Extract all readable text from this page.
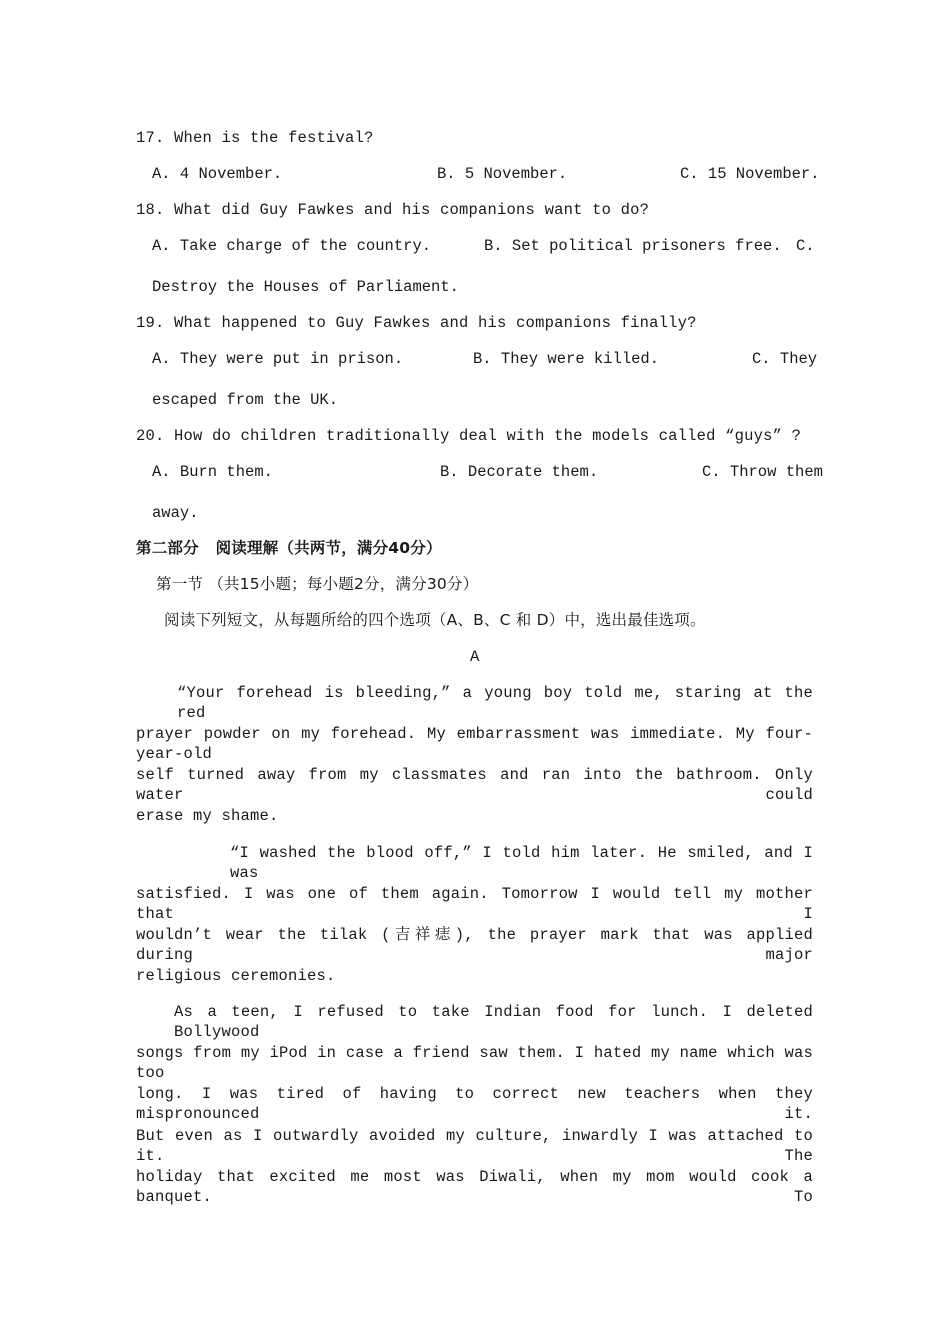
17. When is the festival?
A. 4 November.	B. 5 November.	C. 15 November.
18. What did Guy Fawkes and his companions want to do?
A. Take charge of the country.	B. Set political prisoners free. C.
Destroy the Houses of Parliament.
19. What happened to Guy Fawkes and his companions finally?
A. They were put in prison.	B. They were killed.	C. They
escaped from the UK.
20. How do children traditionally deal with the models called “guys” ?
A. Burn them.	B. Decorate them.	C. Throw them
away.
第二部分   阅读理解（共两节，满分40分）
第一节 （共15小题；每小题2分，满分30分）
阅读下列短文，从每题所给的四个选项（A、B、C 和 D）中，选出最佳选项。
A
“Your forehead is bleeding,” a young boy told me, staring at the red
prayer powder on my forehead. My embarrassment was immediate. My four-year-old
self turned away from my classmates and ran into the bathroom. Only water could
erase my shame.
“I washed the blood off,” I told him later. He smiled, and I was
satisfied. I was one of them again. Tomorrow I would tell my mother that I
wouldn’t wear the tilak (吉祥痣), the prayer mark that was applied during major
religious ceremonies.
As a teen, I refused to take Indian food for lunch. I deleted Bollywood
songs from my iPod in case a friend saw them. I hated my name which was too
long. I was tired of having to correct new teachers when they mispronounced it.
But even as I outwardly avoided my culture, inwardly I was attached to it. The
holiday that excited me most was Diwali, when my mom would cook a banquet. To
